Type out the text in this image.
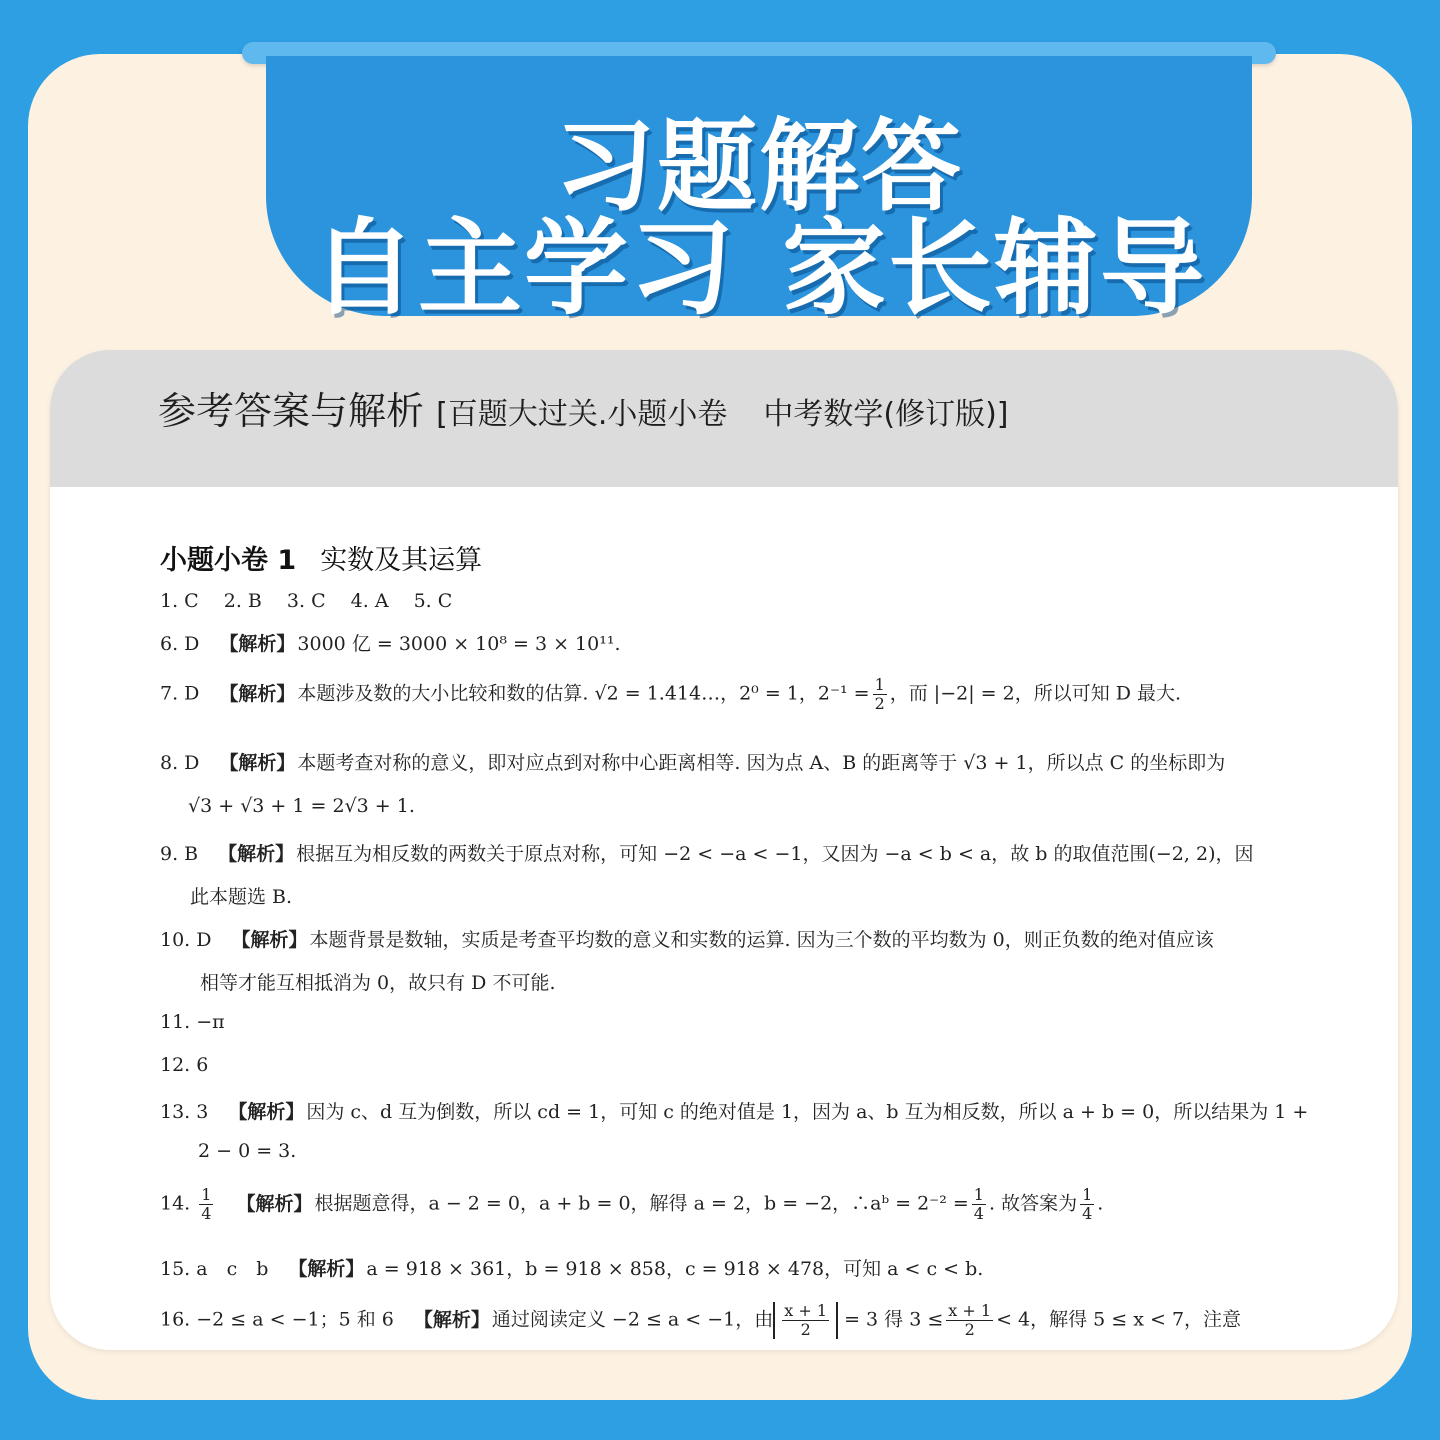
习题解答

自主学习 家长辅导

参考答案与解析 [百题大过关.小题小卷 中考数学(修订版)]

小题小卷 1 实数及其运算

1. C　 2. B　 3. C　 4. A　 5. C

6. D 【解析】 3000 亿 = 3000 × 10⁸ = 3 × 10¹¹.

7. D 【解析】 本题涉及数的大小比较和数的估算. √2 = 1.414…，2⁰ = 1，$2^{-1} = \frac{1}{2}$ ，而 |−2| = 2，所以可知 D 最大.

8. D 【解析】 本题考查对称的意义，即对应点到对称中心距离相等. 因为点 A、B 的距离等于 √3 + 1，所以点 C 的坐标即为

√3 + √3 + 1 = 2√3 + 1.

9. B 【解析】 根据互为相反数的两数关于原点对称，可知 −2 < −a < −1，又因为 −a < b < a，故 b 的取值范围(−2, 2)，因

此本题选 B.

10. D 【解析】 本题背景是数轴，实质是考查平均数的意义和实数的运算. 因为三个数的平均数为 0，则正负数的绝对值应该

相等才能互相抵消为 0，故只有 D 不可能.

11. −π

12. 6

13. 3 【解析】 因为 c、d 互为倒数，所以 cd = 1，可知 c 的绝对值是 1，因为 a、b 互为相反数，所以 a + b = 0，所以结果为 1 +

2 − 0 = 3.

14. $\frac{1}{4}$ 【解析】 根据题意得，a − 2 = 0，a + b = 0，解得 a = 2，b = −2，∴aᵇ = $2^{-2} = \frac{1}{4}$ . 故答案为 $\frac{1}{4}$ .

15. a　c　b 【解析】 a = 918 × 361，b = 918 × 858，c = 918 × 478，可知 a < c < b.

16. −2 ≤ a < −1；5 和 6 【解析】 通过阅读定义 −2 ≤ a < −1，由 $\frac{x + 1}{2} = 3$ 得 $3 \le \frac{x + 1}{2} < 4$，解得 5 ≤ x < 7，注意
